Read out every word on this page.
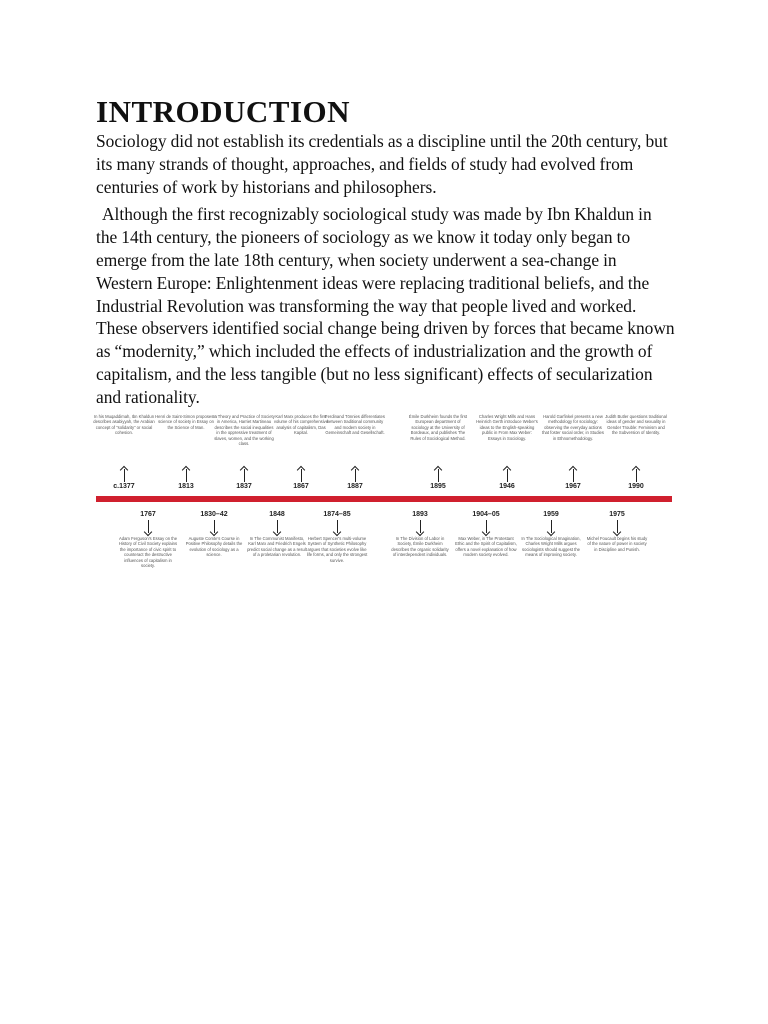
INTRODUCTION

Sociology did not establish its credentials as a discipline until the 20th century, but its many strands of thought, approaches, and fields of study had evolved from centuries of work by historians and philosophers.

Although the first recognizably sociological study was made by Ibn Khaldun in the 14th century, the pioneers of sociology as we know it today only began to emerge from the late 18th century, when society underwent a sea-change in Western Europe: Enlightenment ideas were replacing traditional beliefs, and the Industrial Revolution was transforming the way that people lived and worked. These observers identified social change being driven by forces that became known as “modernity,” which included the effects of industrialization and the growth of capitalism, and the less tangible (but no less significant) effects of secularization and rationality.

In his Muqaddimah, Ibn Khaldun describes asabiyyah, the Arabian concept of “solidarity” or social cohesion.
c.1377
Henri de Saint-Simon proposes a science of society in Essay on the Science of Man.
1813
In Theory and Practice of Society in America, Harriet Martineau describes the social inequalities in the oppressive treatment of slaves, women, and the working class.
1837
Karl Marx produces the first volume of his comprehensive analysis of capitalism, Das Kapital.
1867
Ferdinand Tönnies differentiates between traditional community and modern society in Gemeinschaft and Gesellschaft.
1887
Émile Durkheim founds the first European department of sociology at the University of Bordeaux, and publishes The Rules of Sociological Method.
1895
Charles Wright Mills and Hans Heinrich Gerth introduce Weber's ideas to the English-speaking public in From Max Weber: Essays in Sociology.
1946
Harold Garfinkel presents a new methodology for sociology: observing the everyday actions that foster social order, in Studies in Ethnomethodology.
1967
Judith Butler questions traditional ideas of gender and sexuality in Gender Trouble: Feminism and the Subversion of Identity.
1990
1767
Adam Ferguson's Essay on the History of Civil Society explains the importance of civic spirit to counteract the destructive influences of capitalism in society.
1830–42
Auguste Comte's Course in Positive Philosophy details the evolution of sociology as a science.
1848
In The Communist Manifesto, Karl Marx and Friedrich Engels predict social change as a result of a proletarian revolution.
1874–85
Herbert Spencer's multi-volume System of Synthetic Philosophy argues that societies evolve like life forms, and only the strongest survive.
1893
In The Division of Labor in Society, Émile Durkheim describes the organic solidarity of interdependent individuals.
1904–05
Max Weber, in The Protestant Ethic and the Spirit of Capitalism, offers a novel explanation of how modern society evolved.
1959
In The Sociological Imagination, Charles Wright Mills argues sociologists should suggest the means of improving society.
1975
Michel Foucault begins his study of the nature of power in society in Discipline and Punish.
